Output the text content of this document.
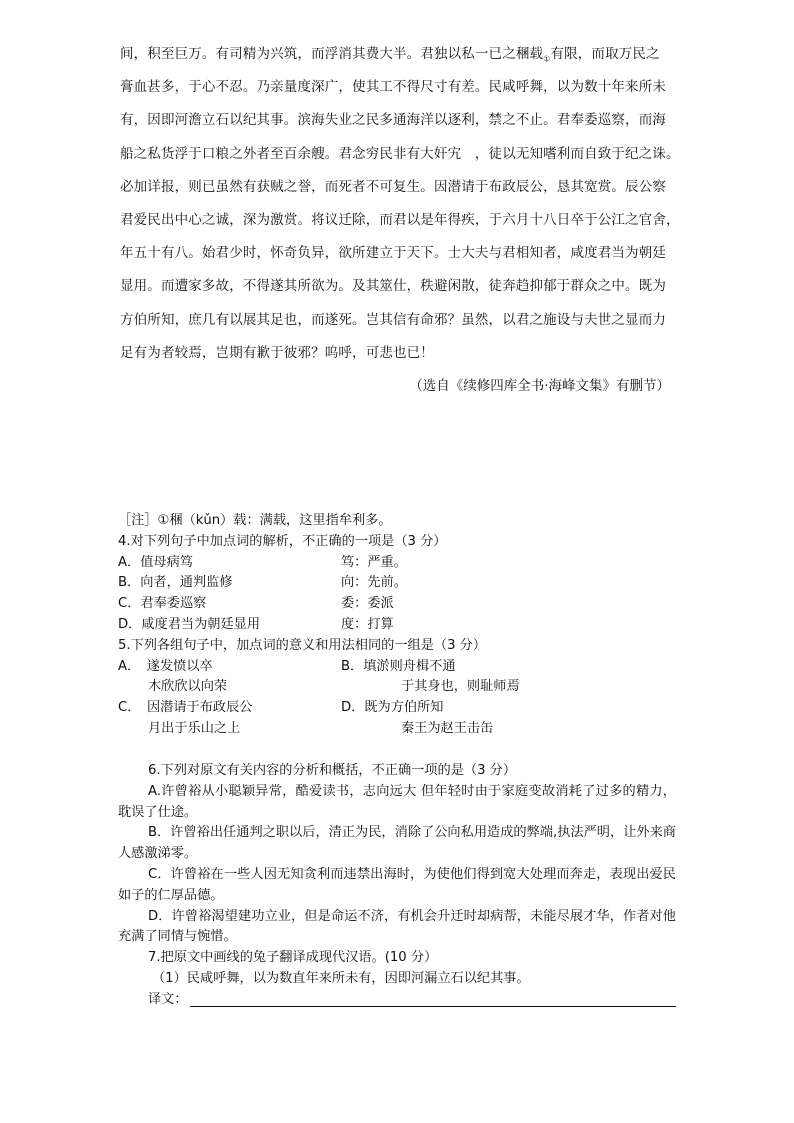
间，积至巨万。有司精为兴筑，而浮消其费大半。君独以私一已之稛载$_①$有限，而取万民之
膏血甚多，于心不忍。乃亲量度深广，使其工不得尺寸有差。民咸呼舞，以为数十年来所未
有，因即河澹立石以纪其事。滨海失业之民多通海洋以逐利，禁之不止。君奉委巡察，而海
船之私货浮于口粮之外者至百余艘。君念穷民非有大奸宄　，徒以无知嗜利而自致于纪之诛。
必加详报，则已虽然有获贼之誉，而死者不可复生。因潜请于布政辰公，恳其宽赏。辰公察
君爱民出中心之诚，深为激赏。将议迁除，而君以是年得疾，于六月十八日卒于公江之官舍，
年五十有八。始君少时，怀奇负异，欲所建立于天下。士大夫与君相知者，咸度君当为朝廷
显用。而遭家多故，不得遂其所欲为。及其筮仕，秩避闲散，徒奔趋抑郁于群众之中。既为
方伯所知，庶几有以展其足也，而遂死。岂其信有命邪？虽然，以君之施设与夫世之显而力
足有为者较焉，岂期有歉于彼邪？呜呼，可悲也已！
（选自《续修四库全书·海峰文集》有删节）
［注］①稛（kǔn）载：满载，这里指牟利多。
4.对下列句子中加点词的解析，不正确的一项是（3 分）
A．值母病笃	笃：严重。
B．向者，通判监修	向：先前。
C．君奉委巡察	委：委派
D．咸度君当为朝廷显用	度：打算
5.下列各组句子中，加点词的意义和用法相同的一组是（3 分）
A．　遂发愤以卒	B．填淤则舟楫不通
木欣欣以向荣	于其身也，则耻师焉
C．　因潜请于布政辰公	D．既为方伯所知
月出于乐山之上	秦王为赵王击缶
6.下列对原文有关内容的分析和概括，不正确一项的是（3 分）
A.许曾裕从小聪颖异常，酷爱读书，志向远大 但年轻时由于家庭变故消耗了过多的精力，耽误了仕途。
B．许曾裕出任通判之职以后，清正为民，消除了公向私用造成的弊端,执法严明，让外来商人感激涕零。
C．许曾裕在一些人因无知贪利而违禁出海时，为使他们得到宽大处理而奔走，表现出爱民如子的仁厚品德。
D．许曾裕渴望建功立业，但是命运不济，有机会升迁时却病帮，未能尽展才华，作者对他充满了同情与惋惜。
7.把原文中画线的兔子翻译成现代汉语。(10 分）
（1）民咸呼舞，以为数直年来所未有，因即河漏立石以纪其事。
译文：
